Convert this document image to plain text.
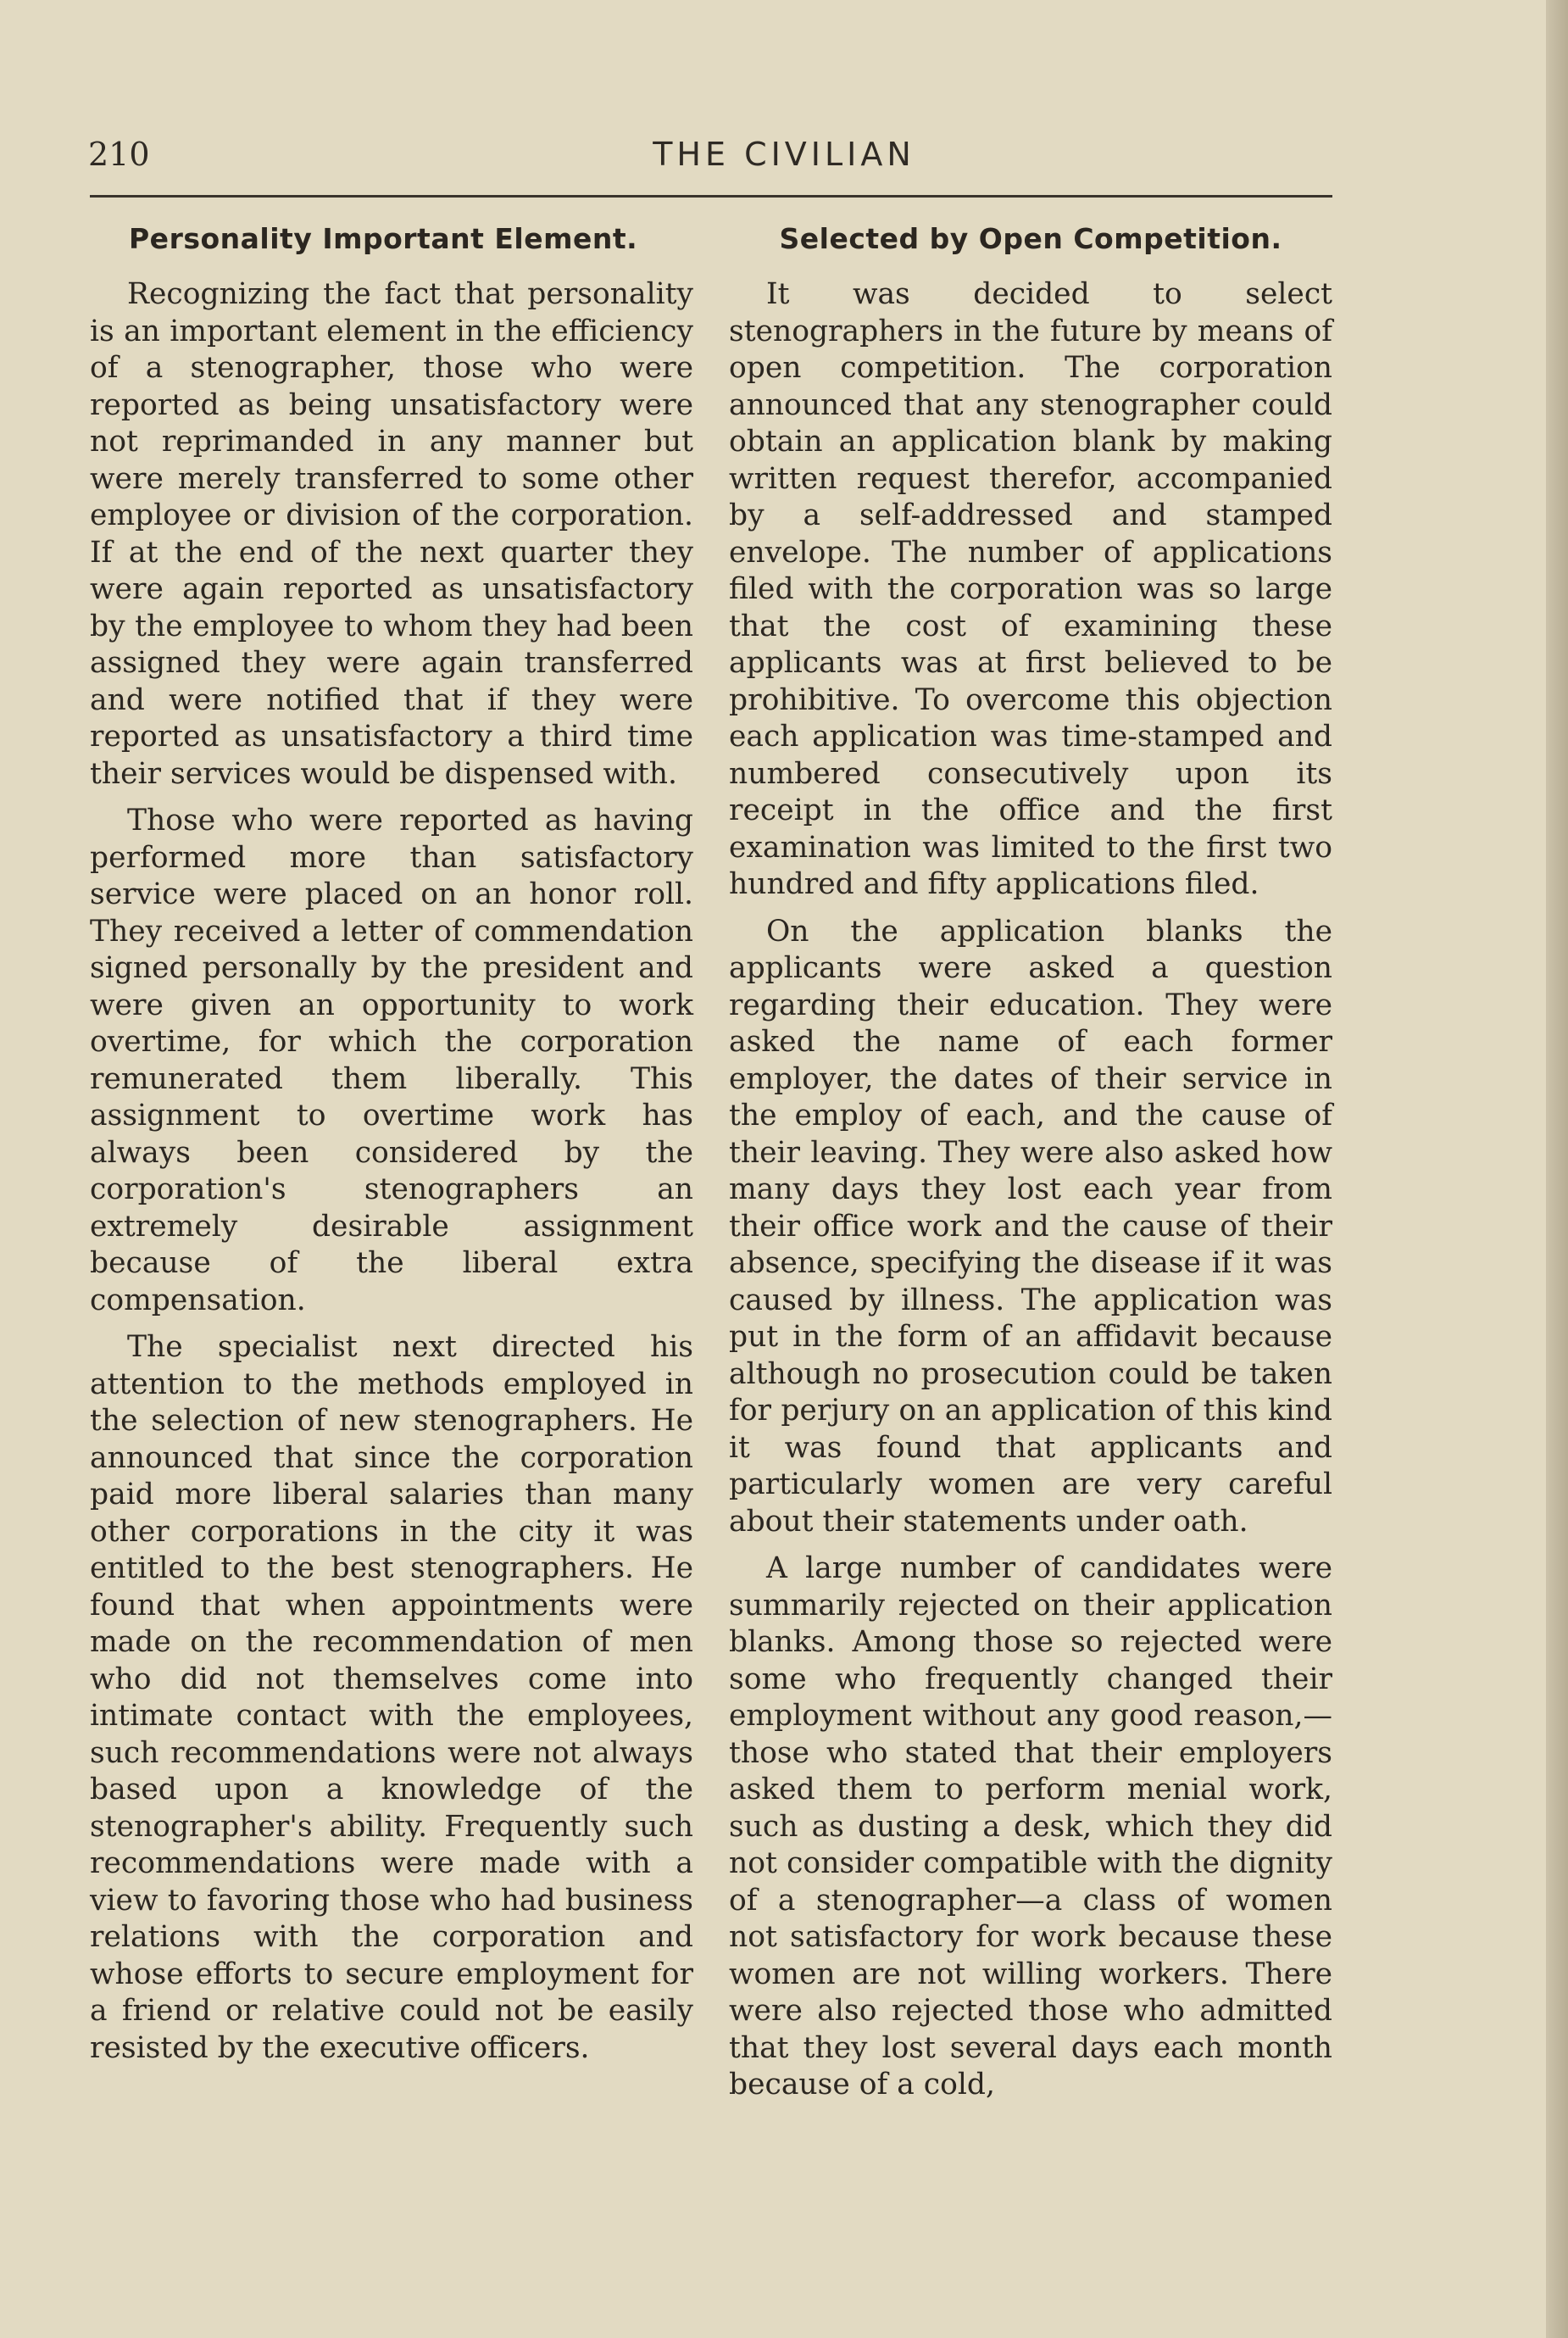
210	THE CIVILIAN
Personality Important Element.

Recognizing the fact that personality is an important element in the efficiency of a stenographer, those who were reported as being unsatisfactory were not reprimanded in any manner but were merely transferred to some other employee or division of the corporation. If at the end of the next quarter they were again reported as unsatisfactory by the employee to whom they had been assigned they were again transferred and were notified that if they were reported as unsatisfactory a third time their services would be dispensed with.

Those who were reported as having performed more than satisfactory service were placed on an honor roll. They received a letter of commendation signed personally by the president and were given an opportunity to work overtime, for which the corporation remunerated them liberally. This assignment to overtime work has always been considered by the corporation's stenographers an extremely desirable assignment because of the liberal extra compensation.

The specialist next directed his attention to the methods employed in the selection of new stenographers. He announced that since the corporation paid more liberal salaries than many other corporations in the city it was entitled to the best stenographers. He found that when appointments were made on the recommendation of men who did not themselves come into intimate contact with the employees, such recommendations were not always based upon a knowledge of the stenographer's ability. Frequently such recommendations were made with a view to favoring those who had business relations with the corporation and whose efforts to secure employment for a friend or relative could not be easily resisted by the executive officers.

Selected by Open Competition.

It was decided to select stenographers in the future by means of open competition. The corporation announced that any stenographer could obtain an application blank by making written request therefor, accompanied by a self-addressed and stamped envelope. The number of applications filed with the corporation was so large that the cost of examining these applicants was at first believed to be prohibitive. To overcome this objection each application was time-stamped and numbered consecutively upon its receipt in the office and the first examination was limited to the first two hundred and fifty applications filed.

On the application blanks the applicants were asked a question regarding their education. They were asked the name of each former employer, the dates of their service in the employ of each, and the cause of their leaving. They were also asked how many days they lost each year from their office work and the cause of their absence, specifying the disease if it was caused by illness. The application was put in the form of an affidavit because although no prosecution could be taken for perjury on an application of this kind it was found that applicants and particularly women are very careful about their statements under oath.

A large number of candidates were summarily rejected on their application blanks. Among those so rejected were some who frequently changed their employment without any good reason,—those who stated that their employers asked them to perform menial work, such as dusting a desk, which they did not consider compatible with the dignity of a stenographer—a class of women not satisfactory for work because these women are not willing workers. There were also rejected those who admitted that they lost several days each month because of a cold,
